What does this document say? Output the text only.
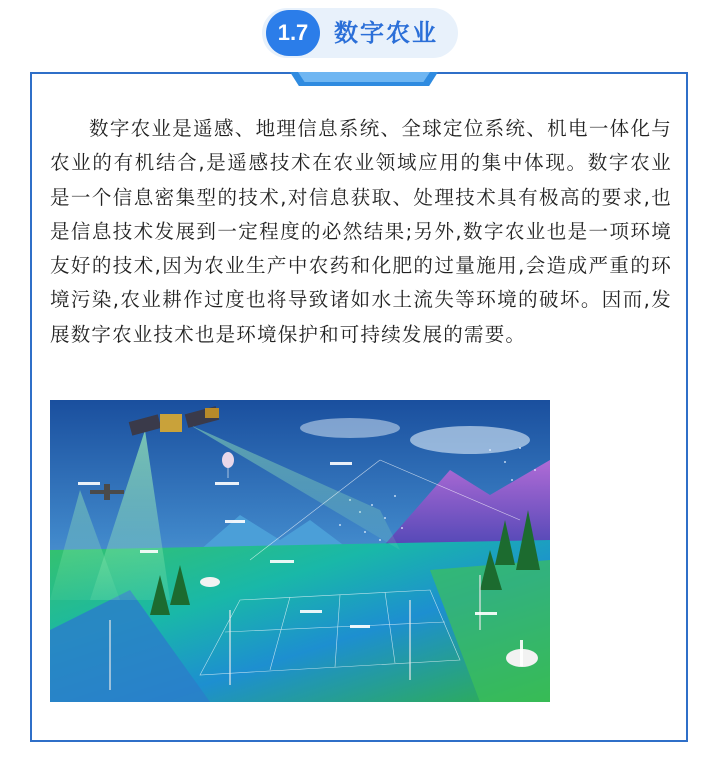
1.7	数字农业

数字农业是遥感、地理信息系统、全球定位系统、机电一体化与农业的有机结合,是遥感技术在农业领域应用的集中体现。数字农业是一个信息密集型的技术,对信息获取、处理技术具有极高的要求,也是信息技术发展到一定程度的必然结果;另外,数字农业也是一项环境友好的技术,因为农业生产中农药和化肥的过量施用,会造成严重的环境污染,农业耕作过度也将导致诸如水土流失等环境的破坏。因而,发展数字农业技术也是环境保护和可持续发展的需要。
